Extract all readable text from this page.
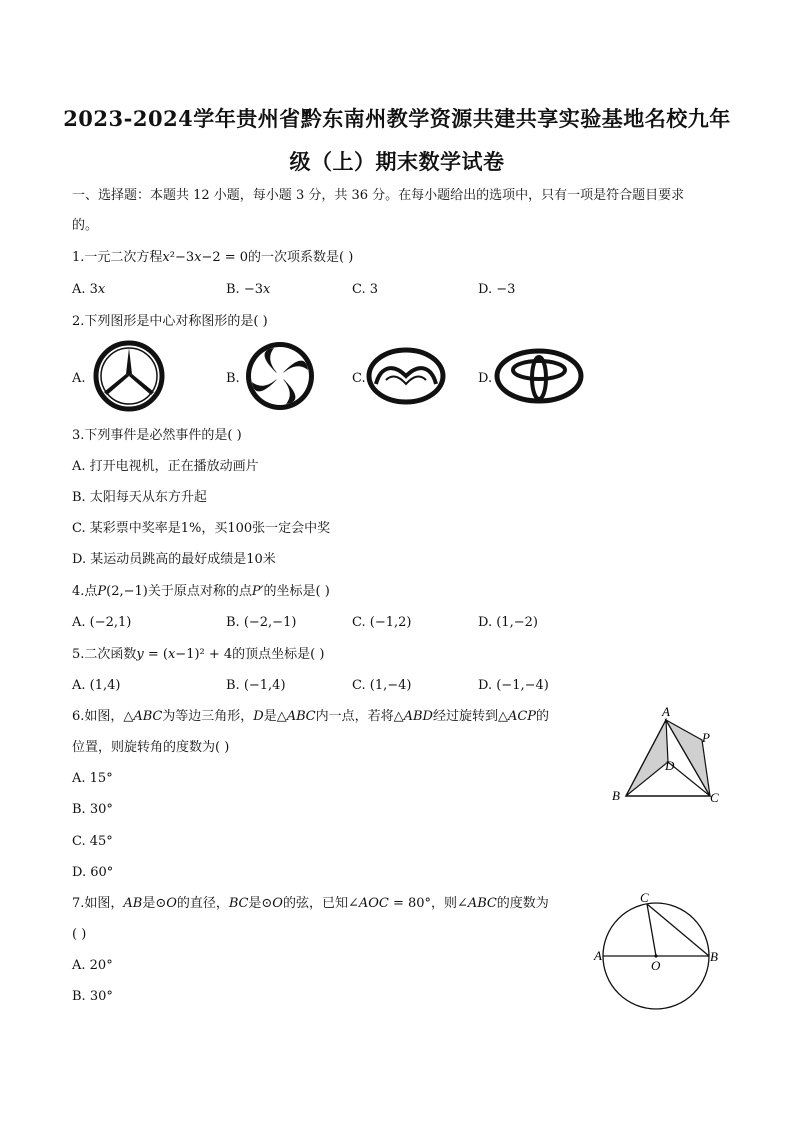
2023-2024学年贵州省黔东南州教学资源共建共享实验基地名校九年
级（上）期末数学试卷
一、选择题：本题共 12 小题，每小题 3 分，共 36 分。在每小题给出的选项中，只有一项是符合题目要求
的。
1.一元二次方程𝑥²−3𝑥−2 = 0的一次项系数是( )
A. 3𝑥	B. −3𝑥	C. 3	D. −3
2.下列图形是中心对称图形的是( )
A.	B.	C.	D.
3.下列事件是必然事件的是( )
A. 打开电视机，正在播放动画片
B. 太阳每天从东方升起
C. 某彩票中奖率是1%，买100张一定会中奖
D. 某运动员跳高的最好成绩是10米
4.点𝑃(2,−1)关于原点对称的点𝑃′的坐标是( )
A. (−2,1)	B. (−2,−1)	C. (−1,2)	D. (1,−2)
5.二次函数𝑦 = (𝑥−1)² + 4的顶点坐标是( )
A. (1,4)	B. (−1,4)	C. (1,−4)	D. (−1,−4)
6.如图，△𝐴𝐵𝐶为等边三角形，𝐷是△𝐴𝐵𝐶内一点，若将△𝐴𝐵𝐷经过旋转到△𝐴𝐶𝑃的
位置，则旋转角的度数为( )
A. 15°
B. 30°
C. 45°
D. 60°
A
B	C
D
P
7.如图，𝐴𝐵是⊙𝑂的直径，𝐵𝐶是⊙𝑂的弦，已知∠𝐴𝑂𝐶 = 80°，则∠𝐴𝐵𝐶的度数为
( )
A. 20°
B. 30°
C
A	B
O
